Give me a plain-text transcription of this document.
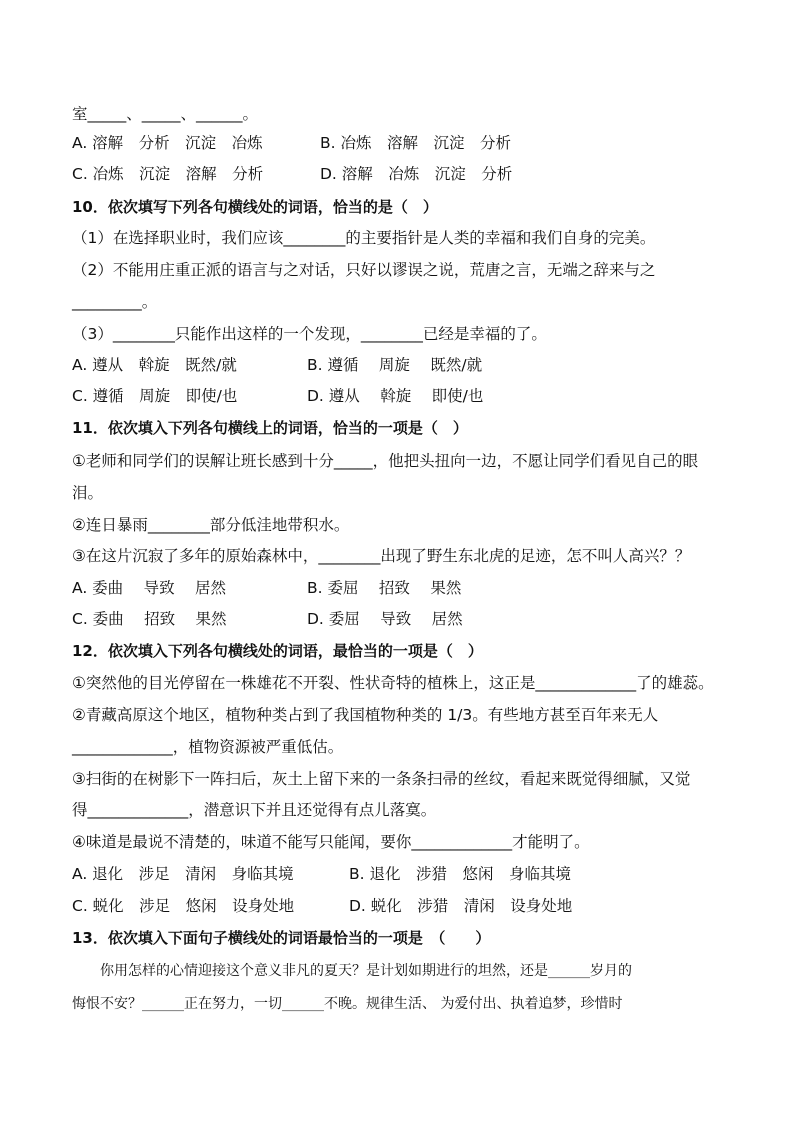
室_____、_____、______。
A. 溶解　分析　沉淀　冶炼	B. 冶炼　溶解　沉淀　分析
C. 冶炼　沉淀　溶解　分析	D. 溶解　冶炼　沉淀　分析
10．依次填写下列各句横线处的词语，恰当的是（　）
（1）在选择职业时，我们应该________的主要指针是人类的幸福和我们自身的完美。
（2）不能用庄重正派的语言与之对话，只好以谬误之说，荒唐之言，无端之辞来与之
_________。
（3）________只能作出这样的一个发现，________已经是幸福的了。
A. 遵从　斡旋　既然/就	B. 遵循　 周旋　 既然/就
C. 遵循　周旋　即使/也	D. 遵从　 斡旋　 即使/也
11．依次填入下列各句横线上的词语，恰当的一项是（　）
①老师和同学们的误解让班长感到十分_____，他把头扭向一边，不愿让同学们看见自己的眼
泪。
②连日暴雨________部分低洼地带积水。
③在这片沉寂了多年的原始森林中，________出现了野生东北虎的足迹，怎不叫人高兴？？
A. 委曲　 导致　 居然	B. 委屈　 招致　 果然
C. 委曲　 招致　 果然	D. 委屈　 导致　 居然
12．依次填入下列各句横线处的词语，最恰当的一项是（　）
①突然他的目光停留在一株雄花不开裂、性状奇特的植株上，这正是_____________了的雄蕊。
②青藏高原这个地区，植物种类占到了我国植物种类的 1/3。有些地方甚至百年来无人
_____________，植物资源被严重低估。
③扫街的在树影下一阵扫后，灰土上留下来的一条条扫帚的丝纹，看起来既觉得细腻，又觉
得_____________，潜意识下并且还觉得有点儿落寞。
④味道是最说不清楚的，味道不能写只能闻，要你_____________才能明了。
A. 退化　涉足　清闲　身临其境	B. 退化　涉猎　悠闲　身临其境
C. 蜕化　涉足　悠闲　设身处地	D. 蜕化　涉猎　清闲　设身处地
13．依次填入下面句子横线处的词语最恰当的一项是　（　　）
　　你用怎样的心情迎接这个意义非凡的夏天？是计划如期进行的坦然，还是______岁月的
悔恨不安？______正在努力，一切______不晚。规律生活、 为爱付出、执着追梦，珍惜时
